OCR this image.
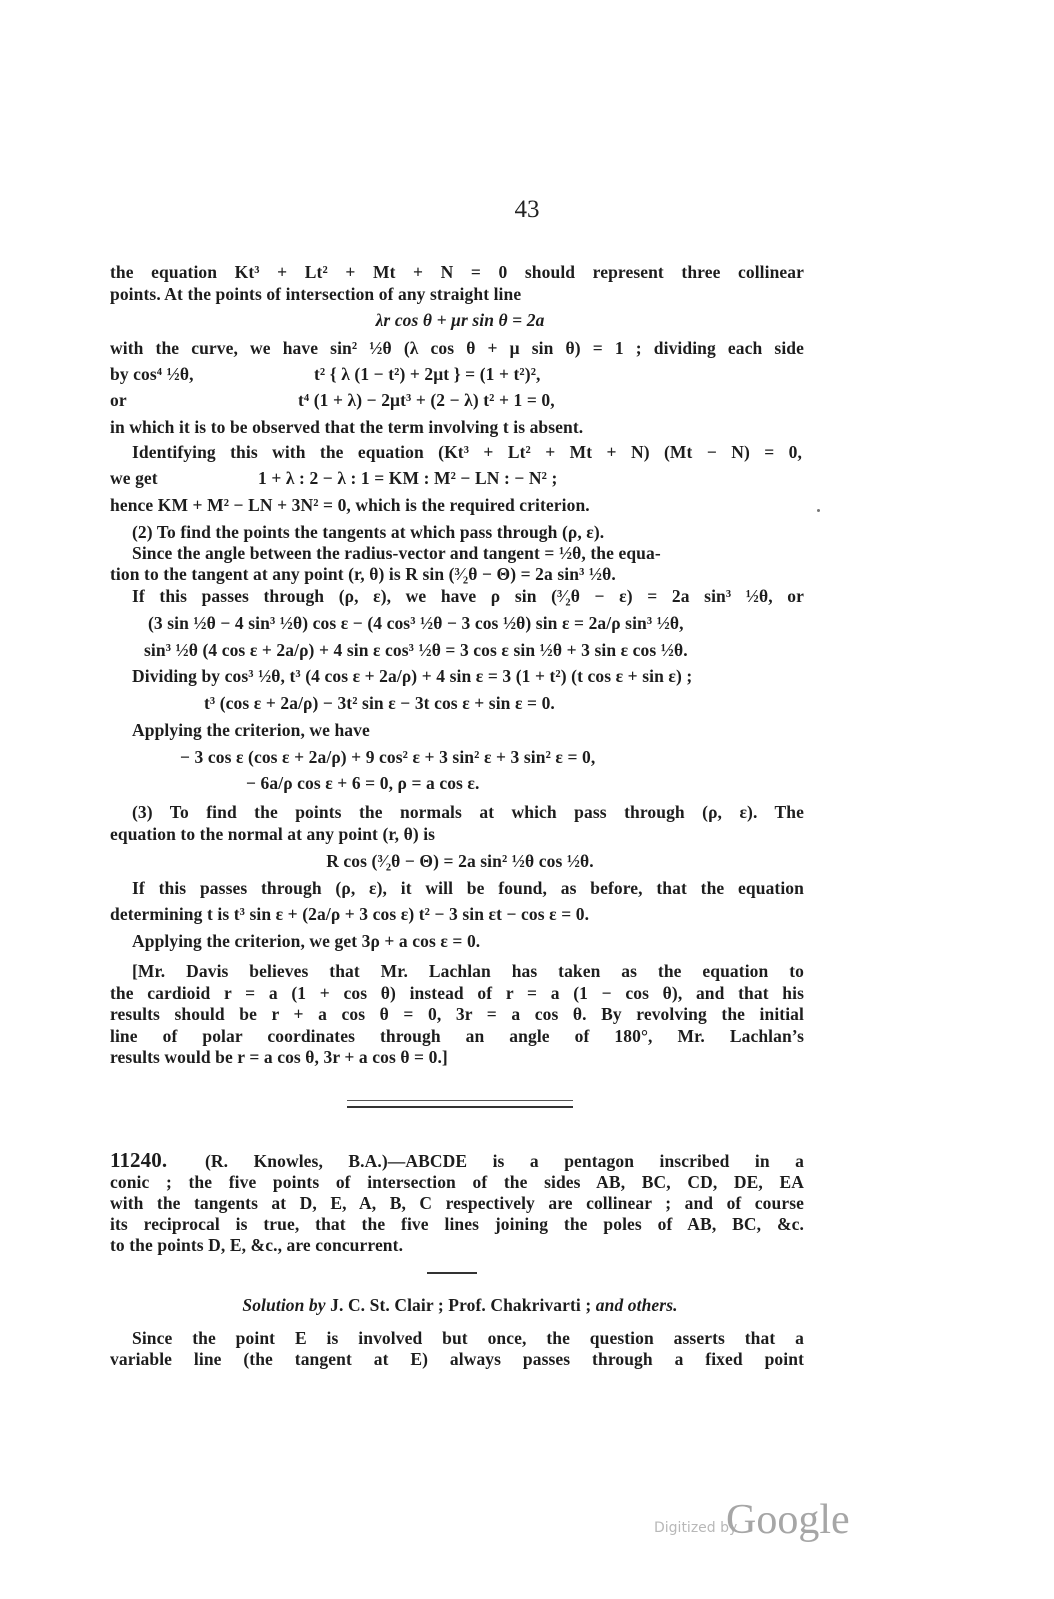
43
the equation Kt³ + Lt² + Mt + N = 0 should represent three collinear
points. At the points of intersection of any straight line
λr cos θ + μr sin θ = 2a
with the curve, we have sin² ½θ (λ cos θ + μ sin θ) = 1 ; dividing each side
by cos⁴ ½θ,	t² { λ (1 − t²) + 2μt } = (1 + t²)²,
or	t⁴ (1 + λ) − 2μt³ + (2 − λ) t² + 1 = 0,
in which it is to be observed that the term involving t is absent.
Identifying this with the equation (Kt³ + Lt² + Mt + N) (Mt − N) = 0,
we get	1 + λ : 2 − λ : 1 = KM : M² − LN : − N² ;
hence KM + M² − LN + 3N² = 0, which is the required criterion.
(2) To find the points the tangents at which pass through (ρ, ε).
Since the angle between the radius-vector and tangent = ½θ, the equa-
tion to the tangent at any point (r, θ) is R sin (³⁄₂θ − Θ) = 2a sin³ ½θ.
If this passes through (ρ, ε), we have ρ sin (³⁄₂θ − ε) = 2a sin³ ½θ, or
(3 sin ½θ − 4 sin³ ½θ) cos ε − (4 cos³ ½θ − 3 cos ½θ) sin ε = 2a/ρ sin³ ½θ,
sin³ ½θ (4 cos ε + 2a/ρ) + 4 sin ε cos³ ½θ = 3 cos ε sin ½θ + 3 sin ε cos ½θ.
Dividing by cos³ ½θ, t³ (4 cos ε + 2a/ρ) + 4 sin ε = 3 (1 + t²) (t cos ε + sin ε) ;
t³ (cos ε + 2a/ρ) − 3t² sin ε − 3t cos ε + sin ε = 0.
Applying the criterion, we have
− 3 cos ε (cos ε + 2a/ρ) + 9 cos² ε + 3 sin² ε + 3 sin² ε = 0,
− 6a/ρ cos ε + 6 = 0, ρ = a cos ε.
(3) To find the points the normals at which pass through (ρ, ε). The
equation to the normal at any point (r, θ) is
R cos (³⁄₂θ − Θ) = 2a sin² ½θ cos ½θ.
If this passes through (ρ, ε), it will be found, as before, that the equation
determining t is t³ sin ε + (2a/ρ + 3 cos ε) t² − 3 sin εt − cos ε = 0.
Applying the criterion, we get 3ρ + a cos ε = 0.
[Mr. Davis believes that Mr. Lachlan has taken as the equation to
the cardioid r = a (1 + cos θ) instead of r = a (1 − cos θ), and that his
results should be r + a cos θ = 0, 3r = a cos θ. By revolving the initial
line of polar coordinates through an angle of 180°, Mr. Lachlan’s
results would be r = a cos θ, 3r + a cos θ = 0.]
11240.	(R. Knowles, B.A.)—ABCDE is a pentagon inscribed in a
conic ; the five points of intersection of the sides AB, BC, CD, DE, EA
with the tangents at D, E, A, B, C respectively are collinear ; and of course
its reciprocal is true, that the five lines joining the poles of AB, BC, &c.
to the points D, E, &c., are concurrent.
Solution by J. C. St. Clair ; Prof. Chakrivarti ; and others.
Since the point E is involved but once, the question asserts that a
variable line (the tangent at E) always passes through a fixed point
Digitized by
Google
